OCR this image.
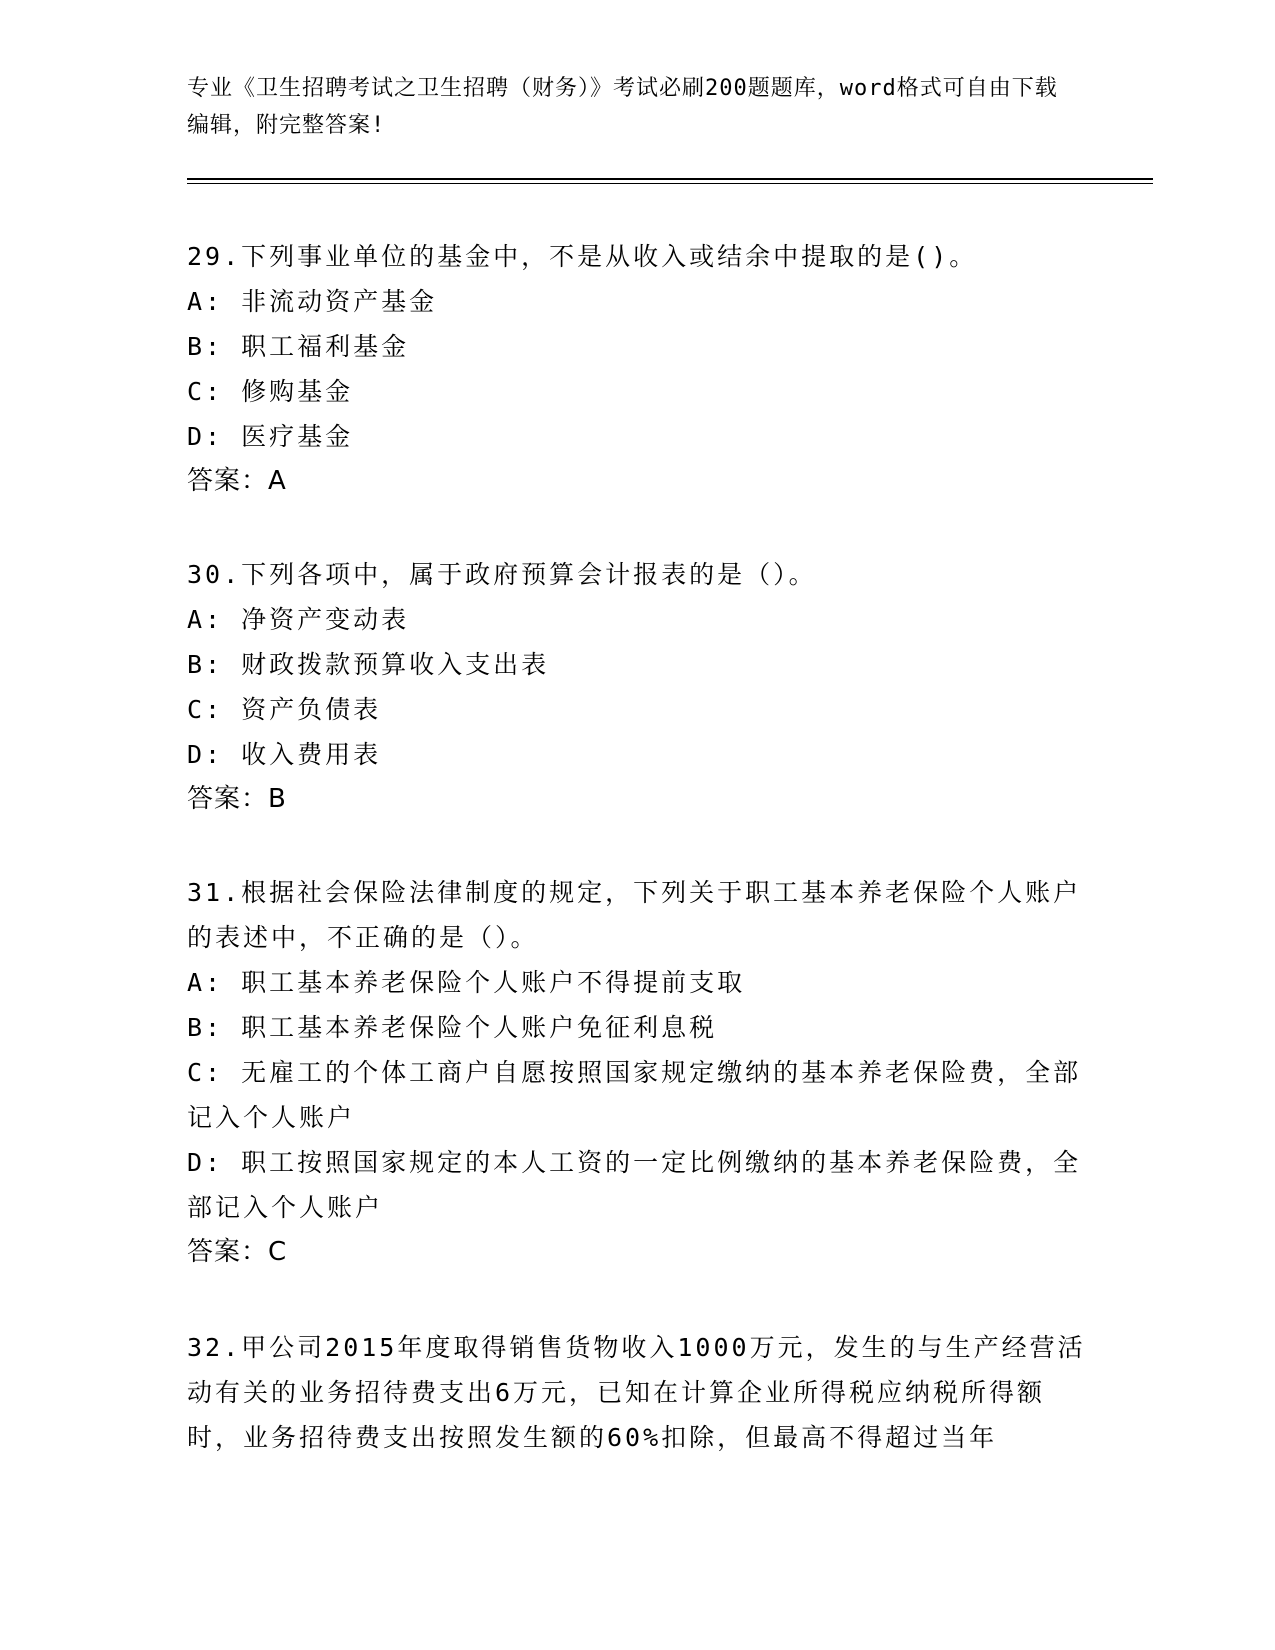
专业《卫生招聘考试之卫生招聘（财务）》考试必刷200题题库，word格式可自由下载编辑，附完整答案!
29.下列事业单位的基金中，不是从收入或结余中提取的是()。
A: 非流动资产基金
B: 职工福利基金
C: 修购基金
D: 医疗基金
答案：A
30.下列各项中，属于政府预算会计报表的是（）。
A: 净资产变动表
B: 财政拨款预算收入支出表
C: 资产负债表
D: 收入费用表
答案：B
31.根据社会保险法律制度的规定，下列关于职工基本养老保险个人账户的表述中，不正确的是（）。
A: 职工基本养老保险个人账户不得提前支取
B: 职工基本养老保险个人账户免征利息税
C: 无雇工的个体工商户自愿按照国家规定缴纳的基本养老保险费，全部记入个人账户
D: 职工按照国家规定的本人工资的一定比例缴纳的基本养老保险费，全部记入个人账户
答案：C
32.甲公司2015年度取得销售货物收入1000万元，发生的与生产经营活动有关的业务招待费支出6万元，已知在计算企业所得税应纳税所得额时，业务招待费支出按照发生额的60%扣除，但最高不得超过当年
